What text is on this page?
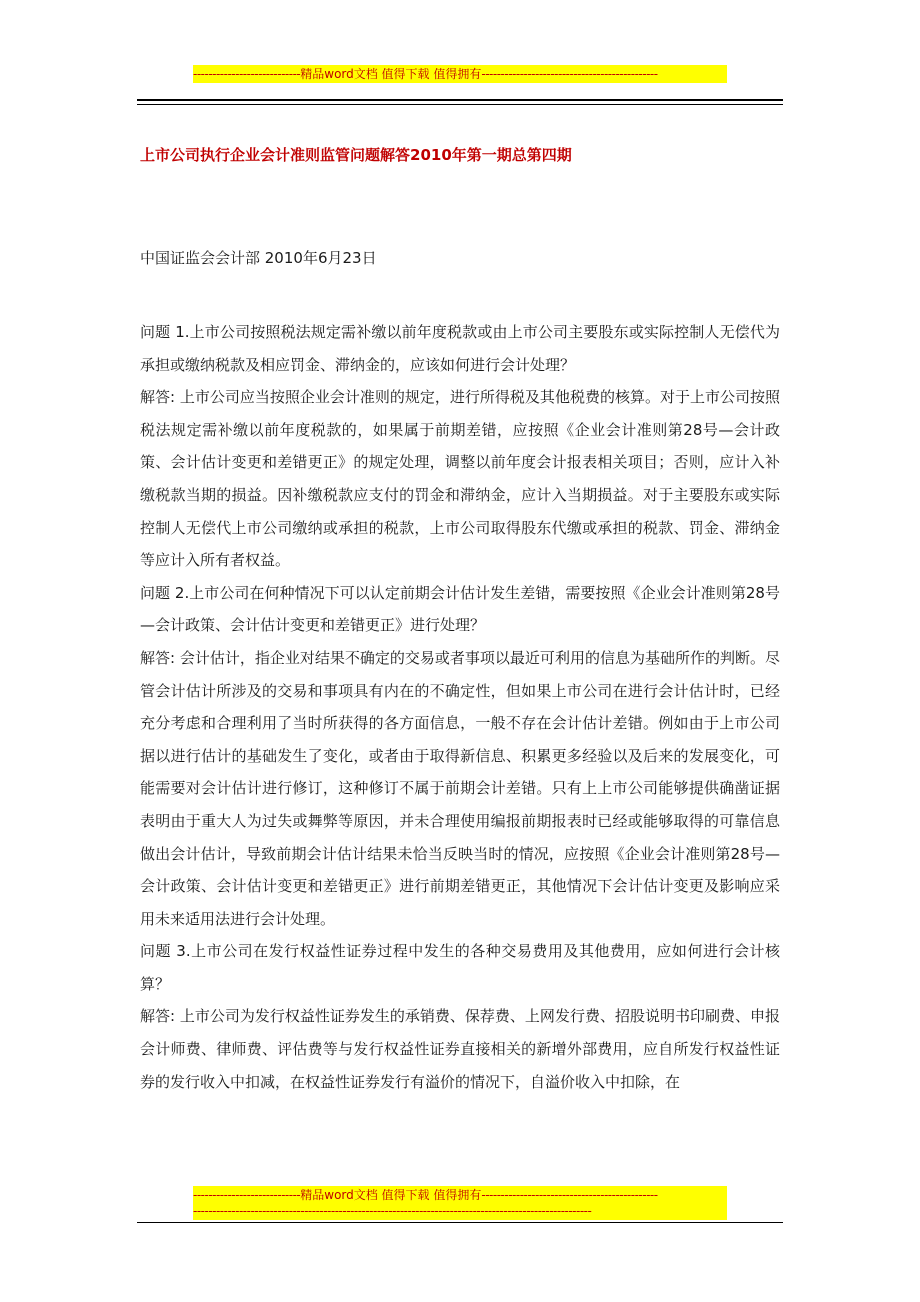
----------------------------精品word文档 值得下载 值得拥有----------------------------------------------
上市公司执行企业会计准则监管问题解答2010年第一期总第四期
中国证监会会计部 2010年6月23日

问题 1.上市公司按照税法规定需补缴以前年度税款或由上市公司主要股东或实际控制人无偿代为承担或缴纳税款及相应罚金、滞纳金的，应该如何进行会计处理？

解答: 上市公司应当按照企业会计准则的规定，进行所得税及其他税费的核算。对于上市公司按照税法规定需补缴以前年度税款的，如果属于前期差错，应按照《企业会计准则第28号—会计政策、会计估计变更和差错更正》的规定处理，调整以前年度会计报表相关项目；否则，应计入补缴税款当期的损益。因补缴税款应支付的罚金和滞纳金，应计入当期损益。对于主要股东或实际控制人无偿代上市公司缴纳或承担的税款，上市公司取得股东代缴或承担的税款、罚金、滞纳金等应计入所有者权益。

问题 2.上市公司在何种情况下可以认定前期会计估计发生差错，需要按照《企业会计准则第28号—会计政策、会计估计变更和差错更正》进行处理？

解答: 会计估计，指企业对结果不确定的交易或者事项以最近可利用的信息为基础所作的判断。尽管会计估计所涉及的交易和事项具有内在的不确定性，但如果上市公司在进行会计估计时，已经充分考虑和合理利用了当时所获得的各方面信息，一般不存在会计估计差错。例如由于上市公司据以进行估计的基础发生了变化，或者由于取得新信息、积累更多经验以及后来的发展变化，可能需要对会计估计进行修订，这种修订不属于前期会计差错。只有上上市公司能够提供确凿证据表明由于重大人为过失或舞弊等原因，并未合理使用编报前期报表时已经或能够取得的可靠信息做出会计估计，导致前期会计估计结果未恰当反映当时的情况，应按照《企业会计准则第28号—会计政策、会计估计变更和差错更正》进行前期差错更正，其他情况下会计估计变更及影响应采用未来适用法进行会计处理。

问题 3.上市公司在发行权益性证券过程中发生的各种交易费用及其他费用，应如何进行会计核算？

解答: 上市公司为发行权益性证券发生的承销费、保荐费、上网发行费、招股说明书印刷费、申报会计师费、律师费、评估费等与发行权益性证券直接相关的新增外部费用，应自所发行权益性证券的发行收入中扣减，在权益性证券发行有溢价的情况下，自溢价收入中扣除，在

----------------------------精品word文档 值得下载 值得拥有----------------------------------------------
--------------------------------------------------------------------------------------------------------
